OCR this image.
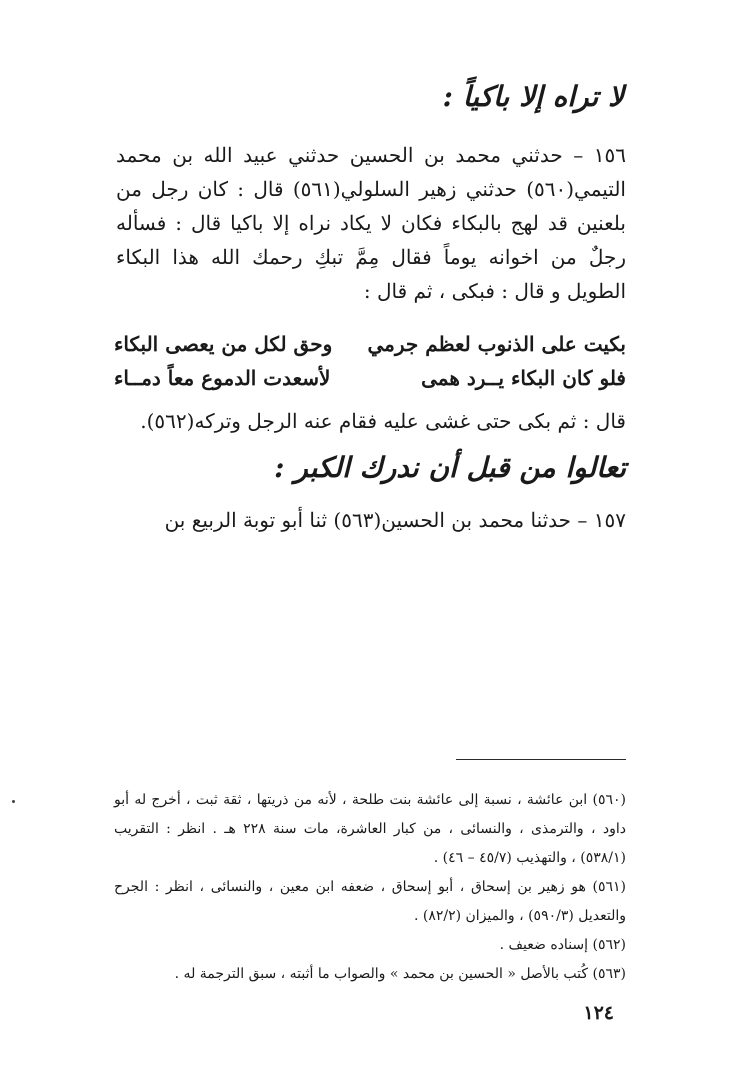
لا تراه إلا باكياً :
١٥٦ – حدثني محمد بن الحسين حدثني عبيد الله بن محمد التيمي(٥٦٠) حدثني زهير السلولي(٥٦١) قال : كان رجل من بلعنين قد لهج بالبكاء فكان لا يكاد نراه إلا باكيا قال : فسأله رجلٌ من اخوانه يوماً فقال مِمَّ تبكِ رحمك الله هذا البكاء الطويل و قال : فبكى ، ثم قال :
بكيت على الذنوب لعظم جرمي
وحق لكل من يعصى البكاء
فلو كان البكاء يــرد همى
لأسعدت الدموع معاً دمــاء
قال : ثم بكى حتى غشى عليه فقام عنه الرجل وتركه(٥٦٢).
تعالوا من قبل أن ندرك الكبر :
١٥٧ – حدثنا محمد بن الحسين(٥٦٣) ثنا أبو توبة الربيع بن
(٥٦٠) ابن عائشة ، نسبة إلى عائشة بنت طلحة ، لأنه من ذريتها ، ثقة ثبت ، أخرج له أبو داود ، والترمذى ، والنسائى ، من كبار العاشرة، مات سنة ٢٢٨ هـ . انظر : التقريب (٥٣٨/١) ، والتهذيب (٤٥/٧ – ٤٦) .
(٥٦١) هو زهير بن إسحاق ، أبو إسحاق ، ضعفه ابن معين ، والنسائى ، انظر : الجرح والتعديل (٥٩٠/٣) ، والميزان (٨٢/٢) .
(٥٦٢) إسناده ضعيف .
(٥٦٣) كُتب بالأصل « الحسين بن محمد » والصواب ما أثبته ، سبق الترجمة له .
١٢٤
